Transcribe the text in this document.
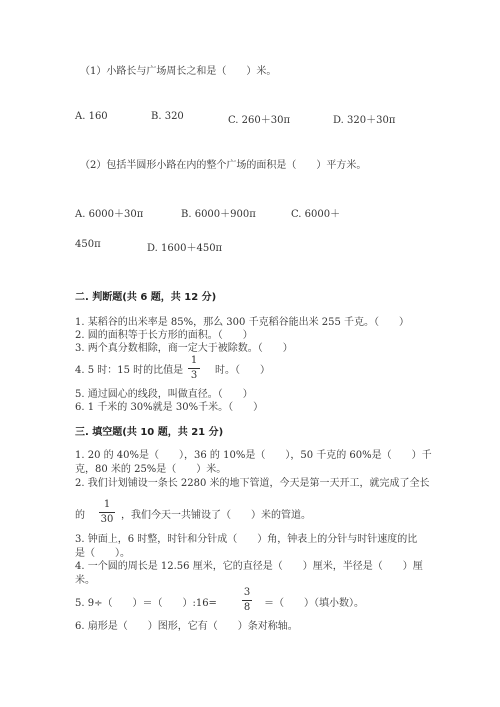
（1）小路长与广场周长之和是（　　）米。
A. 160	B. 320	C. 260＋30π	D. 320＋30π
（2）包括半圆形小路在内的整个广场的面积是（　　）平方米。
A. 6000＋30π	B. 6000＋900π	C. 6000＋
450π	D. 1600＋450π
二. 判断题(共 6 题，共 12 分)
1. 某稻谷的出米率是 85%，那么 300 千克稻谷能出米 255 千克。（　　）
2. 圆的面积等于长方形的面积。（　　）
3. 两个真分数相除，商一定大于被除数。（　　）
4. 5 时：15 时的比值是
1
3 时。（　　）
5. 通过圆心的线段，叫做直径。（　　）
6. 1 千米的 30%就是 30%千米。（　　）
三. 填空题(共 10 题，共 21 分)
1. 20 的 40%是（　　），36 的 10%是（　　），50 千克的 60%是（　　）千
克，80 米的 25%是（　　）米。
2. 我们计划铺设一条长 2280 米的地下管道，今天是第一天开工，就完成了全长
的
1
30 ，我们今天一共铺设了（　　）米的管道。
3. 钟面上，6 时整，时针和分针成（　　）角，钟表上的分针与时针速度的比
是（　　）。
4. 一个圆的周长是 12.56 厘米，它的直径是（　　）厘米，半径是（　　）厘
米。
5. 9÷（　　）＝（　　）:16=
3
8 ＝（　　）（填小数）。
6. 扇形是（　　）图形，它有（　　）条对称轴。
